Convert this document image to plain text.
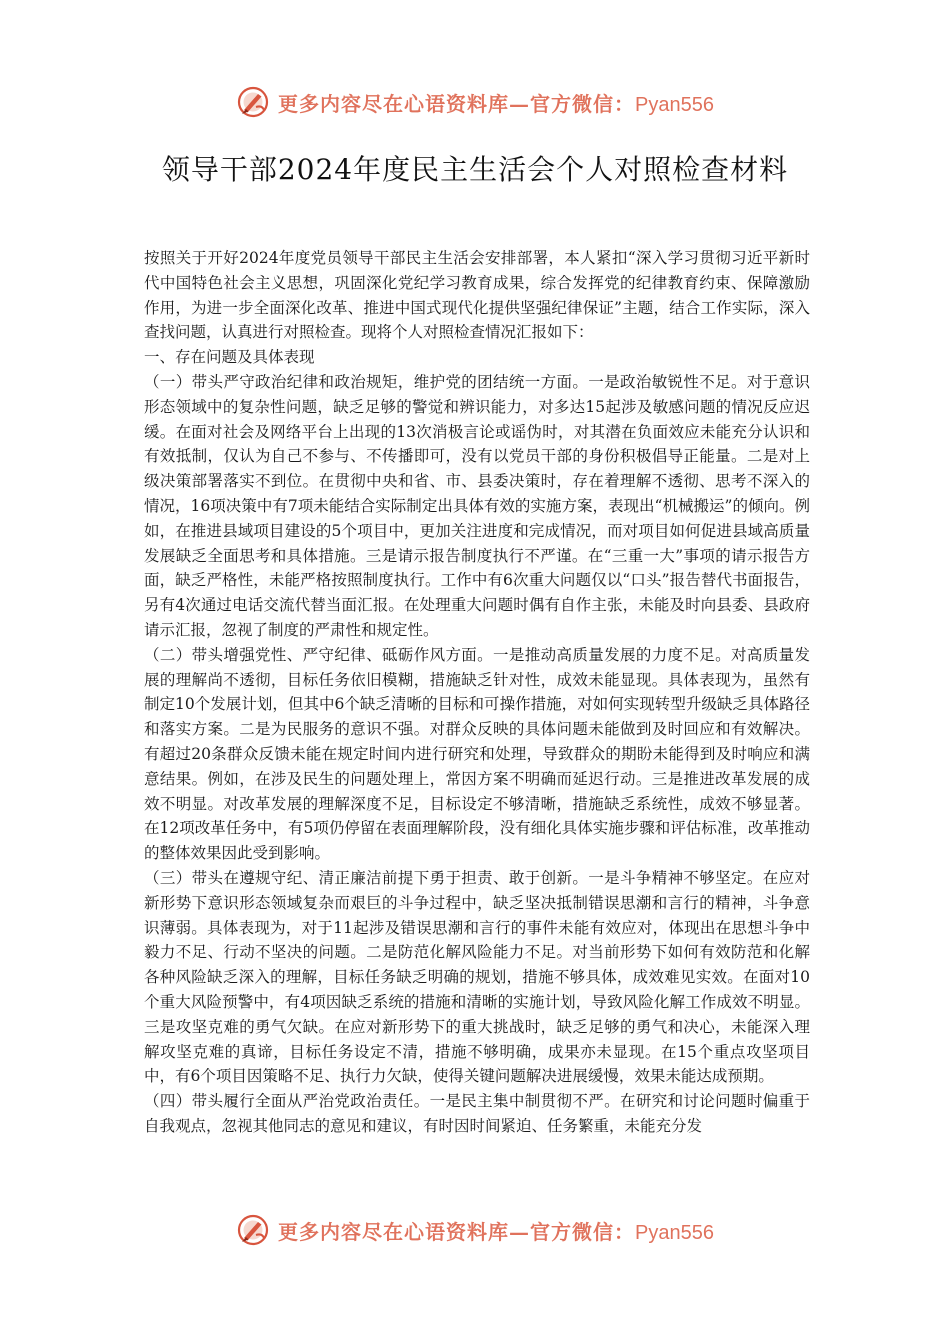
更多内容尽在心语资料库—官方微信：Pyan556
领导干部2024年度民主生活会个人对照检查材料

按照关于开好2024年度党员领导干部民主生活会安排部署，本人紧扣“深入学习贯彻习近平新时代中国特色社会主义思想，巩固深化党纪学习教育成果，综合发挥党的纪律教育约束、保障激励作用，为进一步全面深化改革、推进中国式现代化提供坚强纪律保证”主题，结合工作实际，深入查找问题，认真进行对照检查。现将个人对照检查情况汇报如下：

一、存在问题及具体表现

（一）带头严守政治纪律和政治规矩，维护党的团结统一方面。一是政治敏锐性不足。对于意识形态领域中的复杂性问题，缺乏足够的警觉和辨识能力，对多达15起涉及敏感问题的情况反应迟缓。在面对社会及网络平台上出现的13次消极言论或谣伪时，对其潜在负面效应未能充分认识和有效抵制，仅认为自己不参与、不传播即可，没有以党员干部的身份积极倡导正能量。二是对上级决策部署落实不到位。在贯彻中央和省、市、县委决策时，存在着理解不透彻、思考不深入的情况，16项决策中有7项未能结合实际制定出具体有效的实施方案，表现出“机械搬运”的倾向。例如，在推进县域项目建设的5个项目中，更加关注进度和完成情况，而对项目如何促进县域高质量发展缺乏全面思考和具体措施。三是请示报告制度执行不严谨。在“三重一大”事项的请示报告方面，缺乏严格性，未能严格按照制度执行。工作中有6次重大问题仅以“口头”报告替代书面报告，另有4次通过电话交流代替当面汇报。在处理重大问题时偶有自作主张，未能及时向县委、县政府请示汇报，忽视了制度的严肃性和规定性。

（二）带头增强党性、严守纪律、砥砺作风方面。一是推动高质量发展的力度不足。对高质量发展的理解尚不透彻，目标任务依旧模糊，措施缺乏针对性，成效未能显现。具体表现为，虽然有制定10个发展计划，但其中6个缺乏清晰的目标和可操作措施，对如何实现转型升级缺乏具体路径和落实方案。二是为民服务的意识不强。对群众反映的具体问题未能做到及时回应和有效解决。有超过20条群众反馈未能在规定时间内进行研究和处理，导致群众的期盼未能得到及时响应和满意结果。例如，在涉及民生的问题处理上，常因方案不明确而延迟行动。三是推进改革发展的成效不明显。对改革发展的理解深度不足，目标设定不够清晰，措施缺乏系统性，成效不够显著。在12项改革任务中，有5项仍停留在表面理解阶段，没有细化具体实施步骤和评估标准，改革推动的整体效果因此受到影响。

（三）带头在遵规守纪、清正廉洁前提下勇于担责、敢于创新。一是斗争精神不够坚定。在应对新形势下意识形态领域复杂而艰巨的斗争过程中，缺乏坚决抵制错误思潮和言行的精神，斗争意识薄弱。具体表现为，对于11起涉及错误思潮和言行的事件未能有效应对，体现出在思想斗争中毅力不足、行动不坚决的问题。二是防范化解风险能力不足。对当前形势下如何有效防范和化解各种风险缺乏深入的理解，目标任务缺乏明确的规划，措施不够具体，成效难见实效。在面对10个重大风险预警中，有4项因缺乏系统的措施和清晰的实施计划，导致风险化解工作成效不明显。三是攻坚克难的勇气欠缺。在应对新形势下的重大挑战时，缺乏足够的勇气和决心，未能深入理解攻坚克难的真谛，目标任务设定不清，措施不够明确，成果亦未显现。在15个重点攻坚项目中，有6个项目因策略不足、执行力欠缺，使得关键问题解决进展缓慢，效果未能达成预期。

（四）带头履行全面从严治党政治责任。一是民主集中制贯彻不严。在研究和讨论问题时偏重于自我观点，忽视其他同志的意见和建议，有时因时间紧迫、任务繁重，未能充分发

更多内容尽在心语资料库—官方微信：Pyan556
